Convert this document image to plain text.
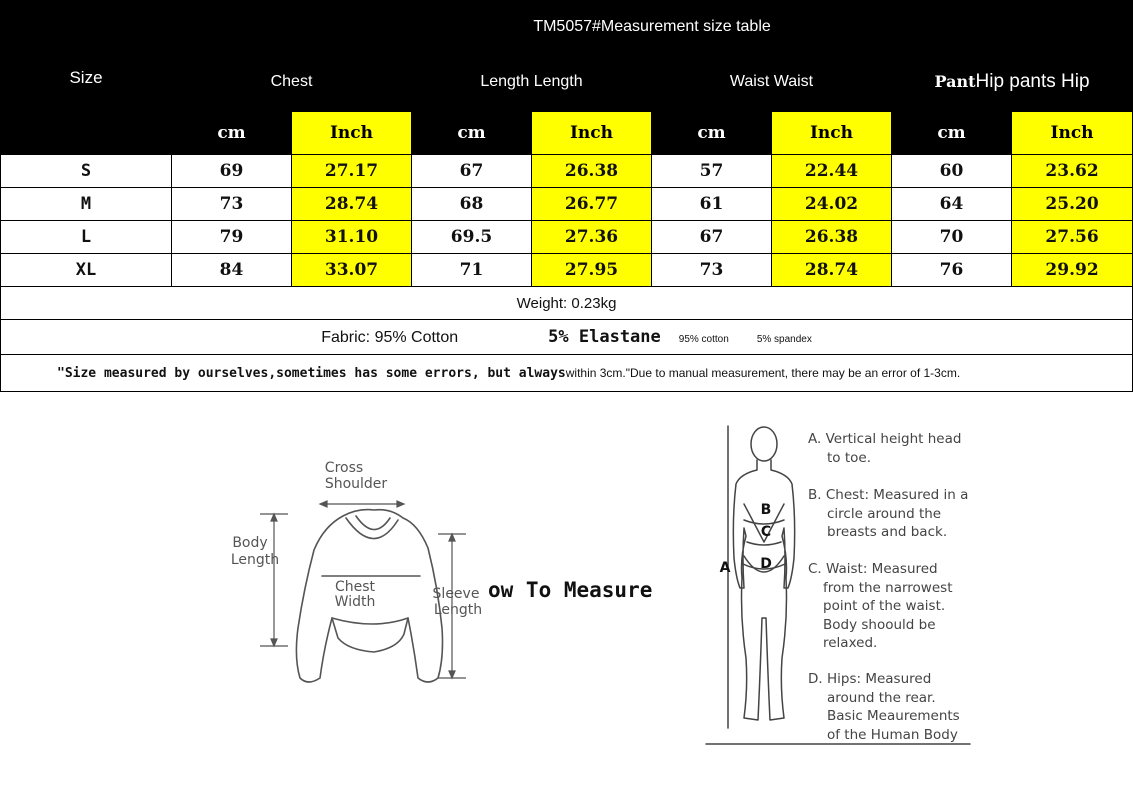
Size	TM5057#Measurement size table							
	Chest		Length Length		Waist Waist		PantHip pants Hip	
	cm	Inch	cm	Inch	cm	Inch	cm	Inch
S	69	27.17	67	26.38	57	22.44	60	23.62
M	73	28.74	68	26.77	61	24.02	64	25.20
L	79	31.10	69.5	27.36	67	26.38	70	27.56
XL	84	33.07	71	27.95	73	28.74	76	29.92
Weight: 0.23kg								
Fabric: 95% Cotton 5% Elastane 95% cotton 5% spandex								
"Size measured by ourselves,sometimes has some errors, but alwayswithin 3cm."Due to manual measurement, there may be an error of 1-3cm.								
Cross
Shoulder
Body
Length
Chest
Width	Sleeve
Length
ow To Measure
A
B
C
D
A. Vertical height head
to toe.
B. Chest: Measured in a
circle around the
breasts and back.
C. Waist: Measured
from the narrowest
point of the waist.
Body shoould be
relaxed.
D. Hips: Measured
around the rear.
Basic Meaurements
of the Human Body
